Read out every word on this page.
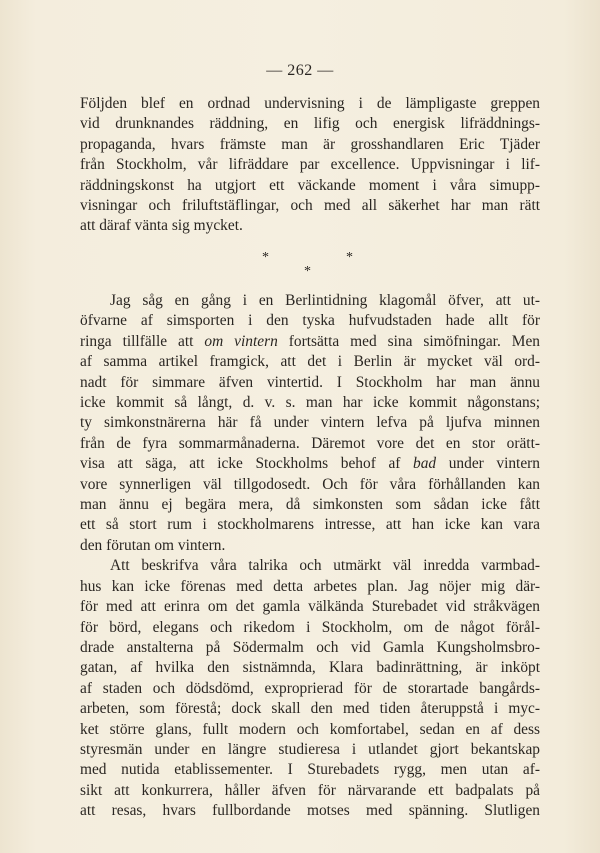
— 262 —
Följden blef en ordnad undervisning i de lämpligaste greppen
vid drunknandes räddning, en lifig och energisk lifräddnings-
propaganda, hvars främste man är grosshandlaren Eric Tjäder
från Stockholm, vår lifräddare par excellence. Uppvisningar i lif-
räddningskonst ha utgjort ett väckande moment i våra simupp-
visningar och friluftstäflingar, och med all säkerhet har man rätt
att däraf vänta sig mycket.
*	*
*
Jag såg en gång i en Berlintidning klagomål öfver, att ut-
öfvarne af simsporten i den tyska hufvudstaden hade allt för
ringa tillfälle att om vintern fortsätta med sina simöfningar. Men
af samma artikel framgick, att det i Berlin är mycket väl ord-
nadt för simmare äfven vintertid. I Stockholm har man ännu
icke kommit så långt, d. v. s. man har icke kommit någonstans;
ty simkonstnärerna här få under vintern lefva på ljufva minnen
från de fyra sommarmånaderna. Däremot vore det en stor orätt-
visa att säga, att icke Stockholms behof af bad under vintern
vore synnerligen väl tillgodosedt. Och för våra förhållanden kan
man ännu ej begära mera, då simkonsten som sådan icke fått
ett så stort rum i stockholmarens intresse, att han icke kan vara
den förutan om vintern.
Att beskrifva våra talrika och utmärkt väl inredda varmbad-
hus kan icke förenas med detta arbetes plan. Jag nöjer mig där-
för med att erinra om det gamla välkända Sturebadet vid stråkvägen
för börd, elegans och rikedom i Stockholm, om de något förål-
drade anstalterna på Södermalm och vid Gamla Kungsholmsbro-
gatan, af hvilka den sistnämnda, Klara badinrättning, är inköpt
af staden och dödsdömd, exproprierad för de storartade bangårds-
arbeten, som förestå; dock skall den med tiden återuppstå i myc-
ket större glans, fullt modern och komfortabel, sedan en af dess
styresmän under en längre studieresa i utlandet gjort bekantskap
med nutida etablissementer. I Sturebadets rygg, men utan af-
sikt att konkurrera, håller äfven för närvarande ett badpalats på
att resas, hvars fullbordande motses med spänning. Slutligen
